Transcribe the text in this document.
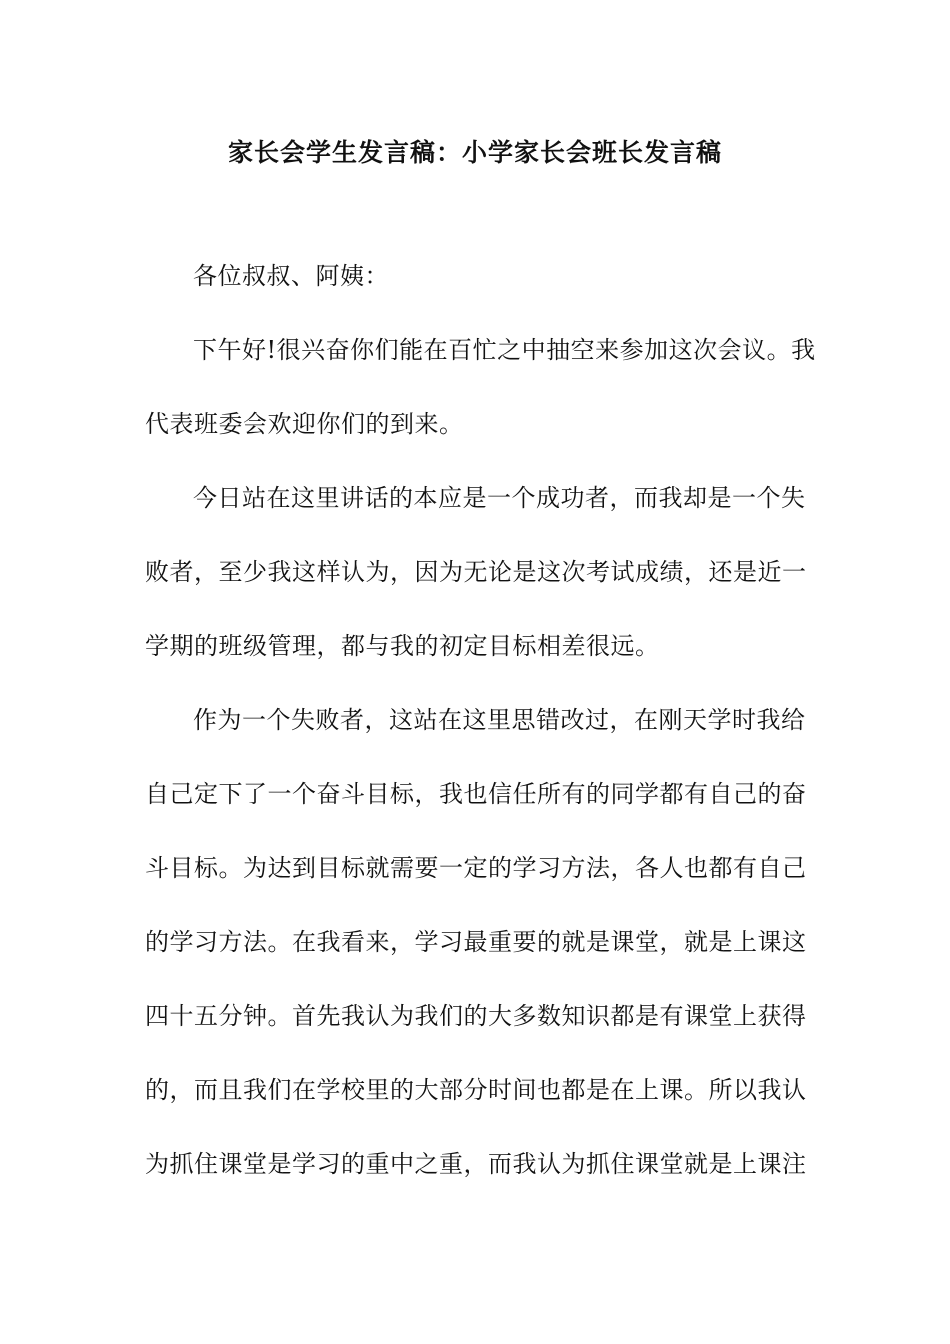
家长会学生发言稿：小学家长会班长发言稿
各位叔叔、阿姨：
下午好!很兴奋你们能在百忙之中抽空来参加这次会议。我
代表班委会欢迎你们的到来。
今日站在这里讲话的本应是一个成功者，而我却是一个失
败者，至少我这样认为，因为无论是这次考试成绩，还是近一
学期的班级管理，都与我的初定目标相差很远。
作为一个失败者，这站在这里思错改过，在刚天学时我给
自己定下了一个奋斗目标，我也信任所有的同学都有自己的奋
斗目标。为达到目标就需要一定的学习方法，各人也都有自己
的学习方法。在我看来，学习最重要的就是课堂，就是上课这
四十五分钟。首先我认为我们的大多数知识都是有课堂上获得
的，而且我们在学校里的大部分时间也都是在上课。所以我认
为抓住课堂是学习的重中之重，而我认为抓住课堂就是上课注
